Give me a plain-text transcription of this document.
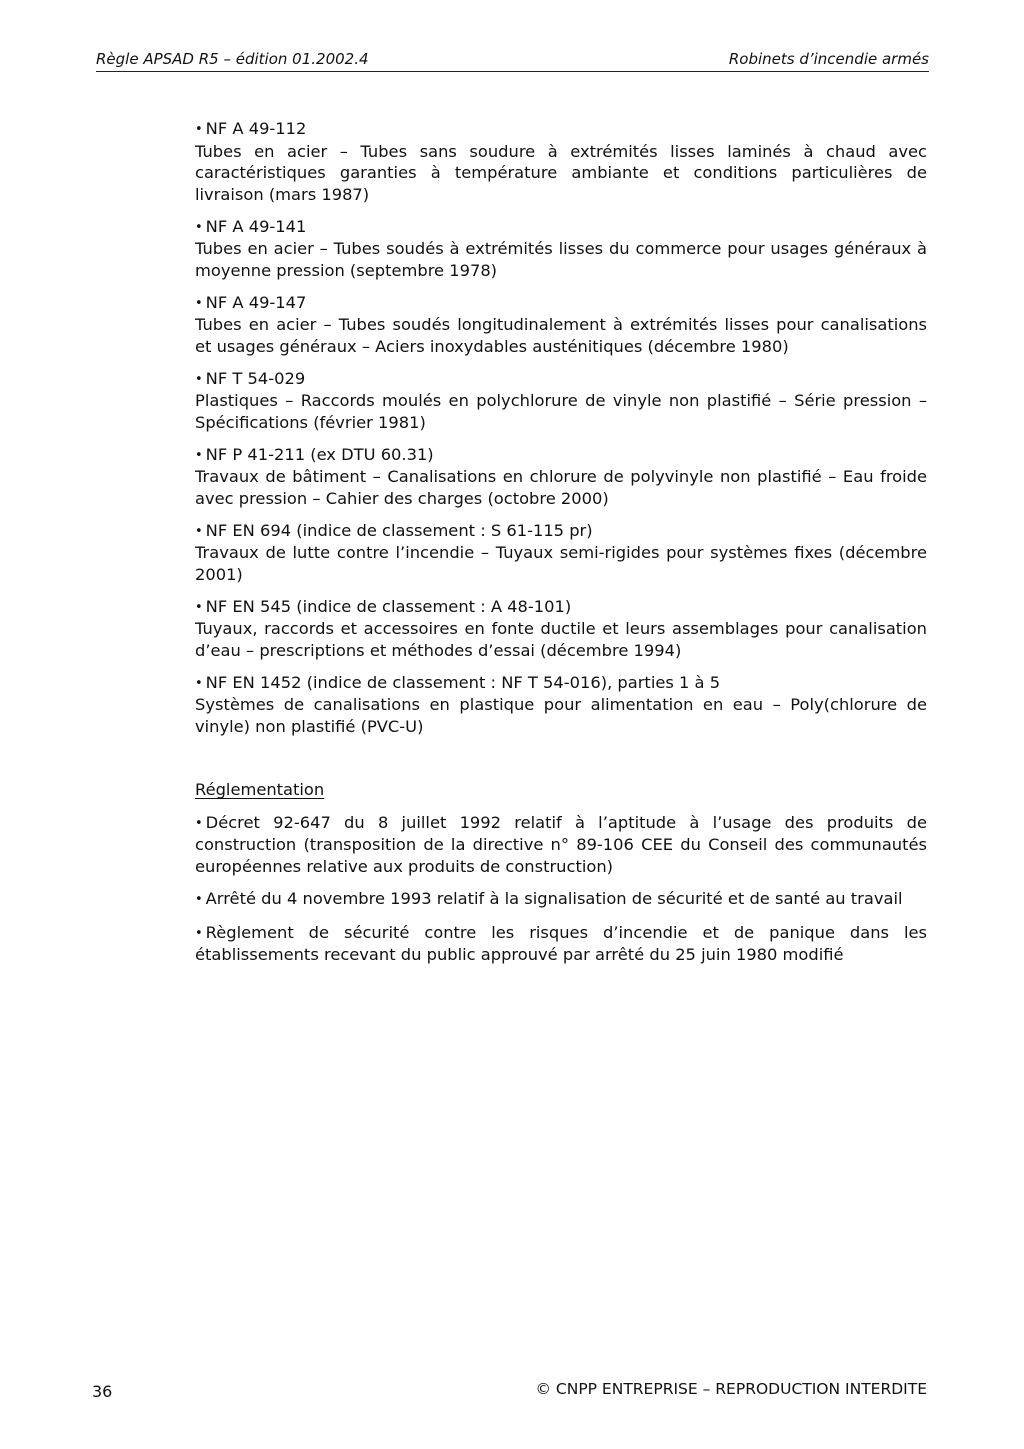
Règle APSAD R5 – édition 01.2002.4	Robinets d’incendie armés
• NF A 49-112
Tubes en acier – Tubes sans soudure à extrémités lisses laminés à chaud avec caractéristiques garanties à température ambiante et conditions particulières de livraison (mars 1987)
• NF A 49-141
Tubes en acier – Tubes soudés à extrémités lisses du commerce pour usages généraux à moyenne pression (septembre 1978)
• NF A 49-147
Tubes en acier – Tubes soudés longitudinalement à extrémités lisses pour canalisations et usages généraux – Aciers inoxydables austénitiques (décembre 1980)
• NF T 54-029
Plastiques – Raccords moulés en polychlorure de vinyle non plastifié – Série pression – Spécifications (février 1981)
• NF P 41-211 (ex DTU 60.31)
Travaux de bâtiment – Canalisations en chlorure de polyvinyle non plastifié – Eau froide avec pression – Cahier des charges (octobre 2000)
• NF EN 694 (indice de classement : S 61-115 pr)
Travaux de lutte contre l’incendie – Tuyaux semi-rigides pour systèmes fixes (décembre 2001)
• NF EN 545 (indice de classement : A 48-101)
Tuyaux, raccords et accessoires en fonte ductile et leurs assemblages pour canalisation d’eau – prescriptions et méthodes d’essai (décembre 1994)
• NF EN 1452 (indice de classement : NF T 54-016), parties 1 à 5
Systèmes de canalisations en plastique pour alimentation en eau – Poly(chlorure de vinyle) non plastifié (PVC-U)
Réglementation
• Décret 92-647 du 8 juillet 1992 relatif à l’aptitude à l’usage des produits de construction (transposition de la directive n° 89-106 CEE du Conseil des communautés européennes relative aux produits de construction)
• Arrêté du 4 novembre 1993 relatif à la signalisation de sécurité et de santé au travail
• Règlement de sécurité contre les risques d’incendie et de panique dans les établissements recevant du public approuvé par arrêté du 25 juin 1980 modifié
36	© CNPP ENTREPRISE – REPRODUCTION INTERDITE
